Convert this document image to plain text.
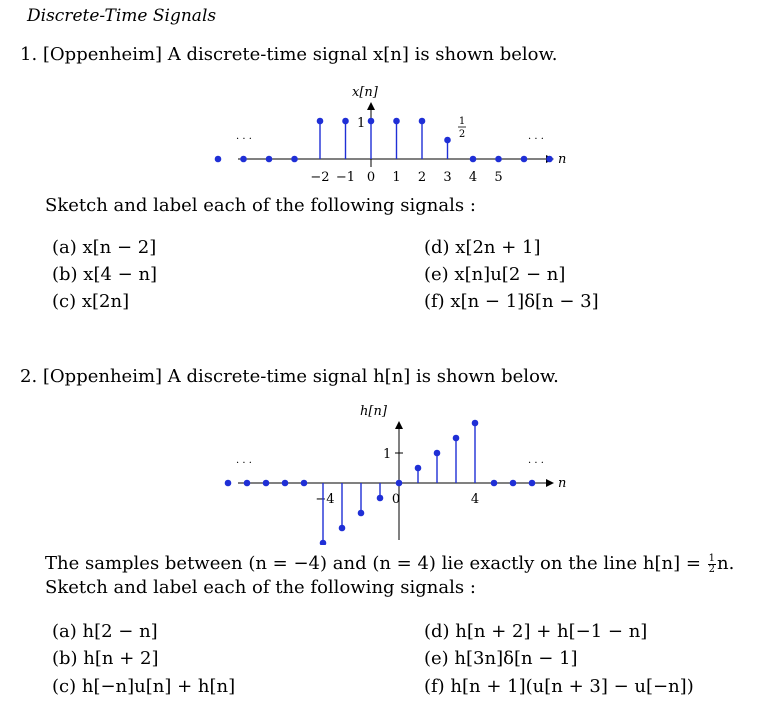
Discrete-Time Signals
1. [Oppenheim] A discrete-time signal x[n] is shown below.
x[n]
n
· · ·	· · ·
1	1
2
−2 −1 0 1 2 3 4 5
Sketch and label each of the following signals :
(a) x[n − 2]
(b) x[4 − n]
(c) x[2n]
(d) x[2n + 1]
(e) x[n]u[2 − n]
(f) x[n − 1]δ[n − 3]
2. [Oppenheim] A discrete-time signal h[n] is shown below.
h[n]
n
· · ·	· · ·
1
−4	0	4
The samples between (n = −4) and (n = 4) lie exactly on the line $h[n] = \frac{1}{2} n$. Sketch and label each of the following signals :
(a) h[2 − n]
(b) h[n + 2]
(c) h[−n]u[n] + h[n]
(d) h[n + 2] + h[−1 − n]
(e) h[3n]δ[n − 1]
(f) h[n + 1](u[n + 3] − u[−n])
